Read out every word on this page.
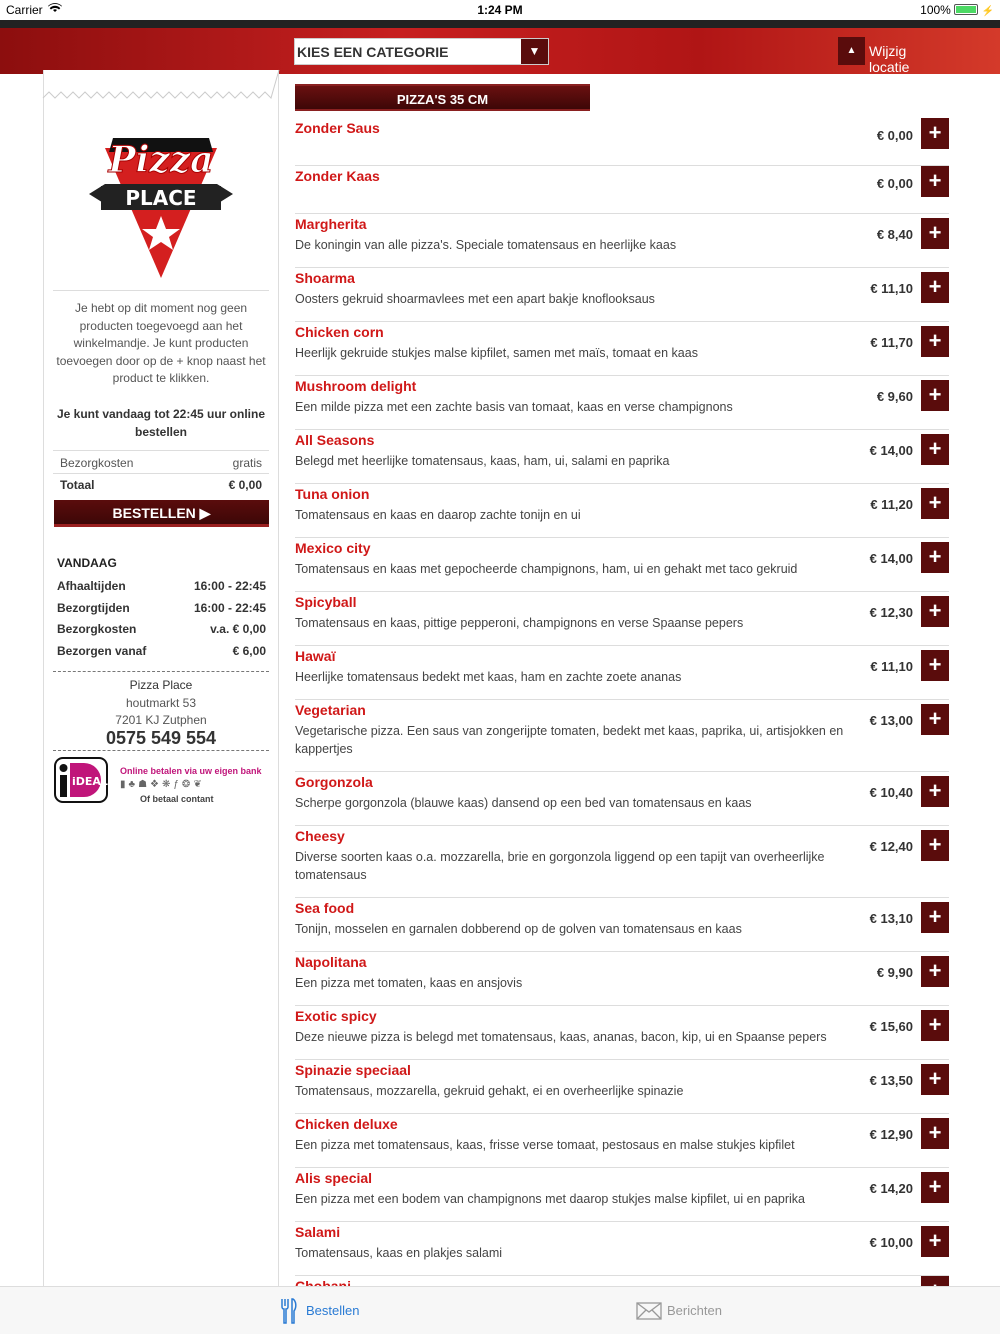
Carrier	1:24 PM	100%	⚡
KIES EEN CATEGORIE	▼	▲ Wijzig locatie
Pizza
PLACE
Je hebt op dit moment nog geen producten toegevoegd aan het winkelmandje. Je kunt producten toevoegen door op de + knop naast het product te klikken.
Je kunt vandaag tot 22:45 uur online bestellen
Bezorgkosten	gratis
Totaal	€ 0,00
BESTELLEN ▶
VANDAAG
Afhaaltijden	16:00 - 22:45
Bezorgtijden	16:00 - 22:45
Bezorgkosten	v.a. € 0,00
Bezorgen vanaf	€ 6,00
Pizza Place
houtmarkt 53
7201 KJ Zutphen
0575 549 554
iDEAL
Online betalen via uw eigen bank
▮♣☗❖❋ƒ❂❦
Of betaal contant
PIZZA'S 35 CM
Zonder Saus	€ 0,00 +
Zonder Kaas	€ 0,00 +
Margherita
De koningin van alle pizza's. Speciale tomatensaus en heerlijke kaas
€ 8,40 +
Shoarma
Oosters gekruid shoarmavlees met een apart bakje knoflooksaus
€ 11,10 +
Chicken corn
Heerlijk gekruide stukjes malse kipfilet, samen met maïs, tomaat en kaas
€ 11,70 +
Mushroom delight
Een milde pizza met een zachte basis van tomaat, kaas en verse champignons
€ 9,60 +
All Seasons
Belegd met heerlijke tomatensaus, kaas, ham, ui, salami en paprika
€ 14,00 +
Tuna onion
Tomatensaus en kaas en daarop zachte tonijn en ui
€ 11,20 +
Mexico city
Tomatensaus en kaas met gepocheerde champignons, ham, ui en gehakt met taco gekruid
€ 14,00 +
Spicyball
Tomatensaus en kaas, pittige pepperoni, champignons en verse Spaanse pepers
€ 12,30 +
Hawaï
Heerlijke tomatensaus bedekt met kaas, ham en zachte zoete ananas
€ 11,10 +
Vegetarian
Vegetarische pizza. Een saus van zongerijpte tomaten, bedekt met kaas, paprika, ui, artisjokken en kappertjes
€ 13,00 +
Gorgonzola
Scherpe gorgonzola (blauwe kaas) dansend op een bed van tomatensaus en kaas
€ 10,40 +
Cheesy
Diverse soorten kaas o.a. mozzarella, brie en gorgonzola liggend op een tapijt van overheerlijke tomatensaus
€ 12,40 +
Sea food
Tonijn, mosselen en garnalen dobberend op de golven van tomatensaus en kaas
€ 13,10 +
Napolitana
Een pizza met tomaten, kaas en ansjovis
€ 9,90 +
Exotic spicy
Deze nieuwe pizza is belegd met tomatensaus, kaas, ananas, bacon, kip, ui en Spaanse pepers
€ 15,60 +
Spinazie speciaal
Tomatensaus, mozzarella, gekruid gehakt, ei en overheerlijke spinazie
€ 13,50 +
Chicken deluxe
Een pizza met tomatensaus, kaas, frisse verse tomaat, pestosaus en malse stukjes kipfilet
€ 12,90 +
Alis special
Een pizza met een bodem van champignons met daarop stukjes malse kipfilet, ui en paprika
€ 14,20 +
Salami
Tomatensaus, kaas en plakjes salami
€ 10,00 +
Bestellen	Berichten
